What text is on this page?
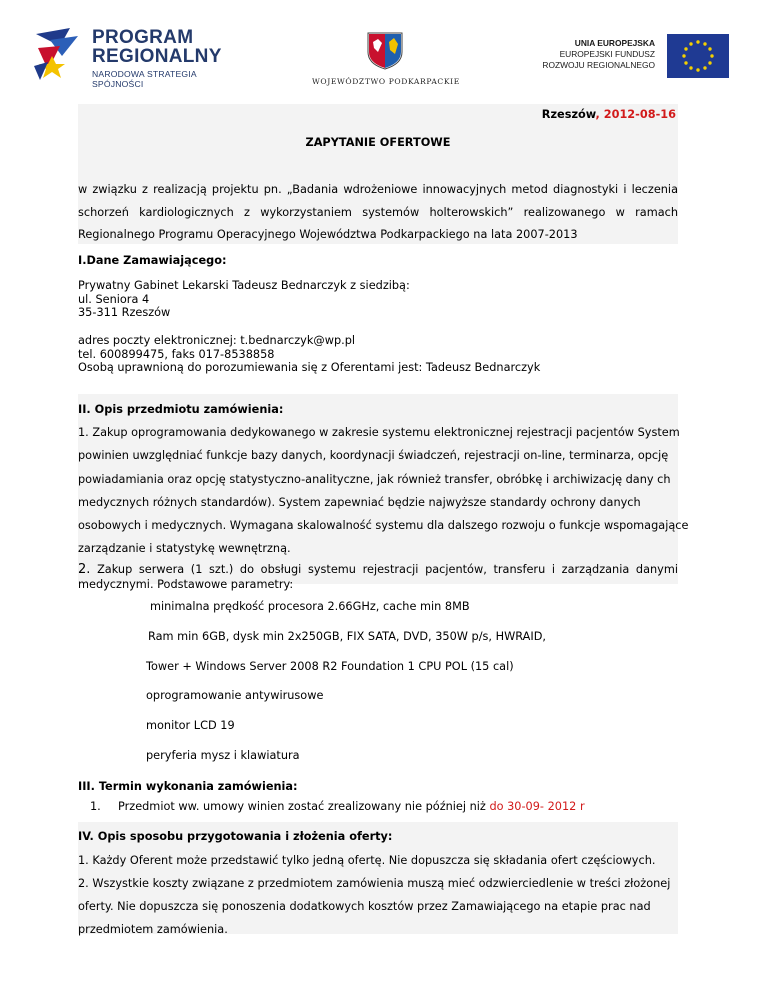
PROGRAM
REGIONALNY
NARODOWA STRATEGIA SPÓJNOŚCI	WOJEWÓDZTWO PODKARPACKIE
UNIA EUROPEJSKA
EUROPEJSKI FUNDUSZ
ROZWOJU REGIONALNEGO
Rzeszów, 2012-08-16
ZAPYTANIE OFERTOWE
w związku z realizacją projektu pn. „Badania wdrożeniowe innowacyjnych metod diagnostyki i leczenia
schorzeń kardiologicznych z wykorzystaniem systemów holterowskich” realizowanego w ramach
Regionalnego Programu Operacyjnego Województwa Podkarpackiego na lata 2007-2013
I.Dane Zamawiającego:
Prywatny Gabinet Lekarski Tadeusz Bednarczyk z siedzibą:
ul. Seniora 4
35-311 Rzeszów
adres poczty elektronicznej: t.bednarczyk@wp.pl
tel. 600899475, faks 017-8538858
Osobą uprawnioną do porozumiewania się z Oferentami jest: Tadeusz Bednarczyk
II. Opis przedmiotu zamówienia:
1. Zakup oprogramowania dedykowanego w zakresie systemu elektronicznej rejestracji pacjentów System
powinien uwzględniać funkcje bazy danych, koordynacji świadczeń, rejestracji on-line, terminarza, opcję
powiadamiania oraz opcję statystyczno-analityczne, jak również transfer, obróbkę i archiwizację dany ch
medycznych różnych standardów). System zapewniać będzie najwyższe standardy ochrony danych
osobowych i medycznych. Wymagana skalowalność systemu dla dalszego rozwoju o funkcje wspomagające
zarządzanie i statystykę wewnętrzną.
2. Zakup serwera (1 szt.) do obsługi systemu rejestracji pacjentów, transferu i zarządzania danymi
medycznymi. Podstawowe parametry:
minimalna prędkość procesora 2.66GHz, cache min 8MB
Ram min 6GB, dysk min 2x250GB, FIX SATA, DVD, 350W p/s, HWRAID,
Tower + Windows Server 2008 R2 Foundation 1 CPU POL (15 cal)
oprogramowanie antywirusowe
monitor LCD 19
peryferia mysz i klawiatura
III. Termin wykonania zamówienia:
1. Przedmiot ww. umowy winien zostać zrealizowany nie później niż do 30-09- 2012 r
IV. Opis sposobu przygotowania i złożenia oferty:
1. Każdy Oferent może przedstawić tylko jedną ofertę. Nie dopuszcza się składania ofert częściowych.
2. Wszystkie koszty związane z przedmiotem zamówienia muszą mieć odzwierciedlenie w treści złożonej
oferty. Nie dopuszcza się ponoszenia dodatkowych kosztów przez Zamawiającego na etapie prac nad
przedmiotem zamówienia.
